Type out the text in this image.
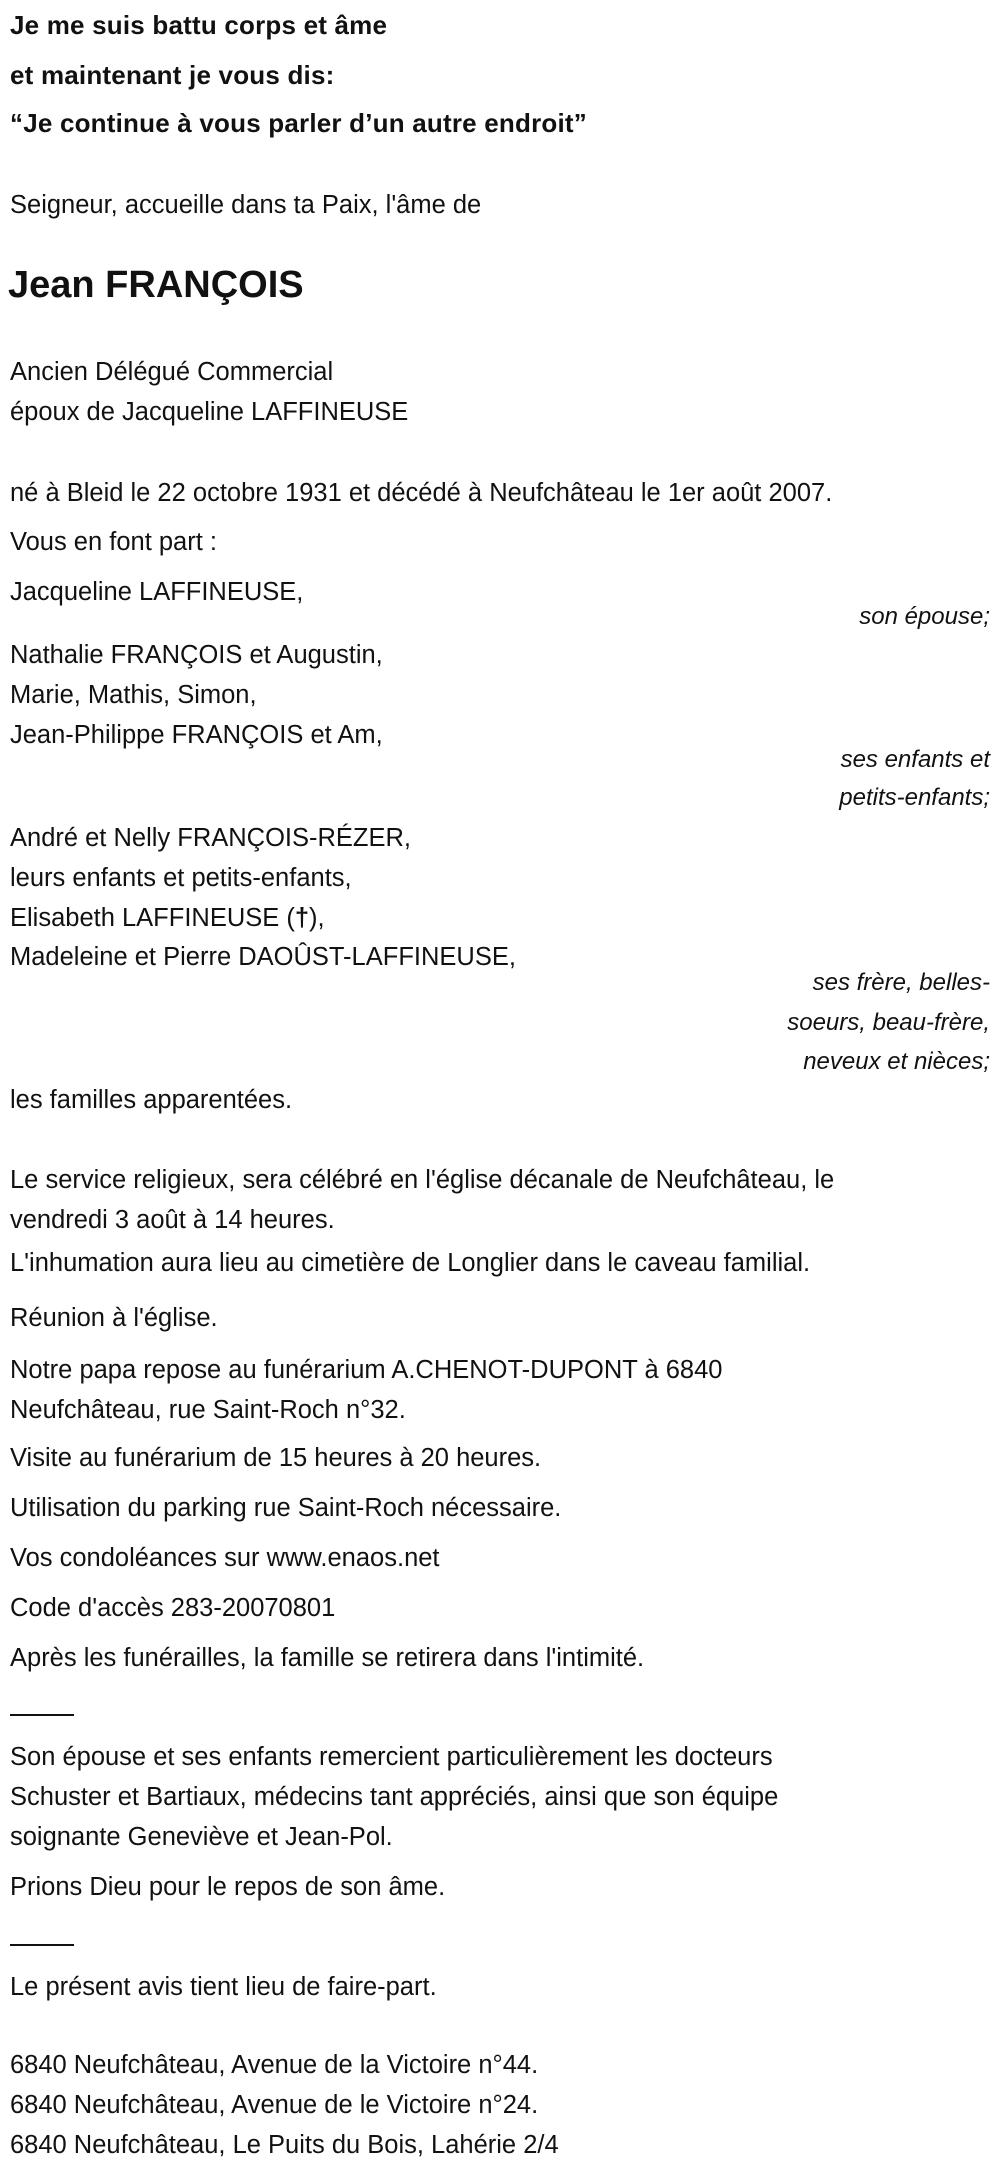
Je me suis battu corps et âme
et maintenant je vous dis:
“Je continue à vous parler d’un autre endroit”
Seigneur, accueille dans ta Paix, l'âme de
Jean FRANÇOIS
Ancien Délégué Commercial
époux de Jacqueline LAFFINEUSE
né à Bleid le 22 octobre 1931 et décédé à Neufchâteau le 1er août 2007.
Vous en font part :
Jacqueline LAFFINEUSE,
son épouse;
Nathalie FRANÇOIS et Augustin,
Marie, Mathis, Simon,
Jean-Philippe FRANÇOIS et Am,
ses enfants et
petits-enfants;
André et Nelly FRANÇOIS-RÉZER,
leurs enfants et petits-enfants,
Elisabeth LAFFINEUSE (†),
Madeleine et Pierre DAOÛST-LAFFINEUSE,
ses frère, belles-
soeurs, beau-frère,
neveux et nièces;
les familles apparentées.
Le service religieux, sera célébré en l'église décanale de Neufchâteau, le
vendredi 3 août à 14 heures.
L'inhumation aura lieu au cimetière de Longlier dans le caveau familial.
Réunion à l'église.
Notre papa repose au funérarium A.CHENOT-DUPONT à 6840
Neufchâteau, rue Saint-Roch n°32.
Visite au funérarium de 15 heures à 20 heures.
Utilisation du parking rue Saint-Roch nécessaire.
Vos condoléances sur www.enaos.net
Code d'accès 283-20070801
Après les funérailles, la famille se retirera dans l'intimité.
Son épouse et ses enfants remercient particulièrement les docteurs
Schuster et Bartiaux, médecins tant appréciés, ainsi que son équipe
soignante Geneviève et Jean-Pol.
Prions Dieu pour le repos de son âme.
Le présent avis tient lieu de faire-part.
6840 Neufchâteau, Avenue de la Victoire n°44.
6840 Neufchâteau, Avenue de le Victoire n°24.
6840 Neufchâteau, Le Puits du Bois, Lahérie 2/4
